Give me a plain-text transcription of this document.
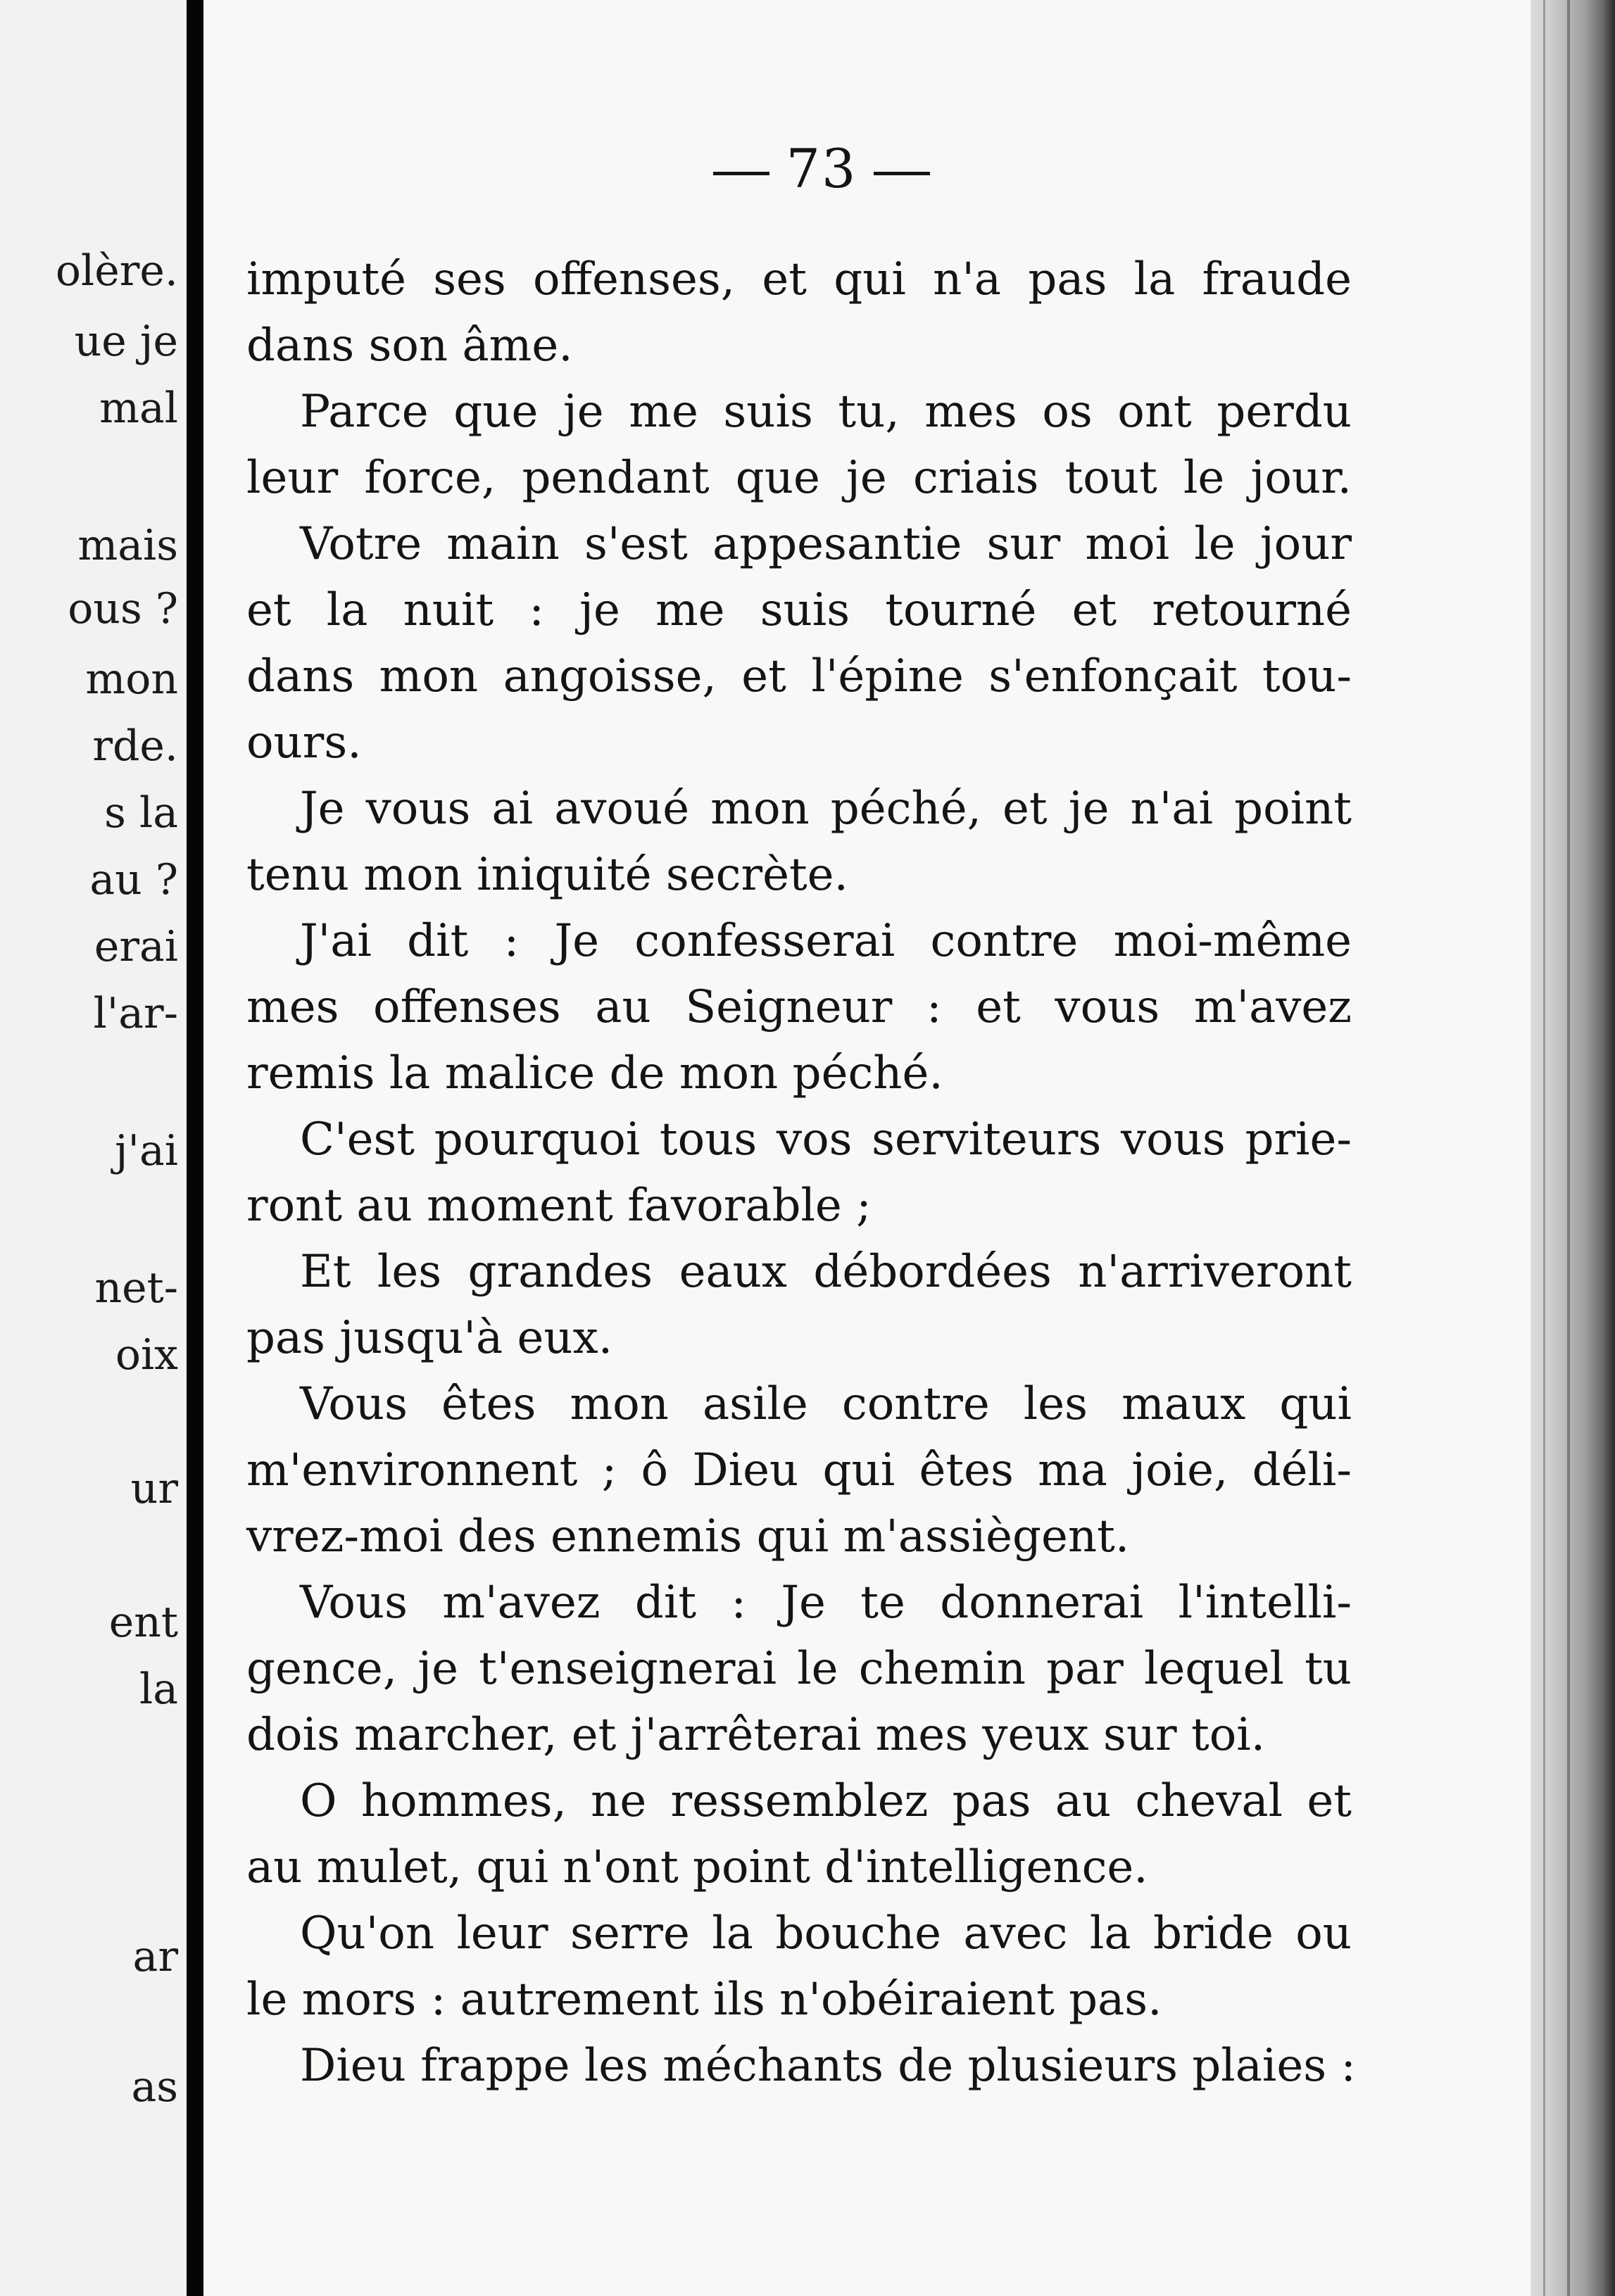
olère.
ue je
mal
mais
ous ?
mon
rde.
s la
au ?
erai
l'ar-
j'ai
net-
oix
ur
ent
la
ar
as
73
imputé ses offenses, et qui n'a pas la fraude
dans son âme.
Parce que je me suis tu, mes os ont perdu
leur force, pendant que je criais tout le jour.
Votre main s'est appesantie sur moi le jour
et la nuit : je me suis tourné et retourné
dans mon angoisse, et l'épine s'enfonçait tou-
ours.
Je vous ai avoué mon péché, et je n'ai point
tenu mon iniquité secrète.
J'ai dit : Je confesserai contre moi-même
mes offenses au Seigneur : et vous m'avez
remis la malice de mon péché.
C'est pourquoi tous vos serviteurs vous prie-
ront au moment favorable ;
Et les grandes eaux débordées n'arriveront
pas jusqu'à eux.
Vous êtes mon asile contre les maux qui
m'environnent ; ô Dieu qui êtes ma joie, déli-
vrez-moi des ennemis qui m'assiègent.
Vous m'avez dit : Je te donnerai l'intelli-
gence, je t'enseignerai le chemin par lequel tu
dois marcher, et j'arrêterai mes yeux sur toi.
O hommes, ne ressemblez pas au cheval et
au mulet, qui n'ont point d'intelligence.
Qu'on leur serre la bouche avec la bride ou
le mors : autrement ils n'obéiraient pas.
Dieu frappe les méchants de plusieurs plaies :
